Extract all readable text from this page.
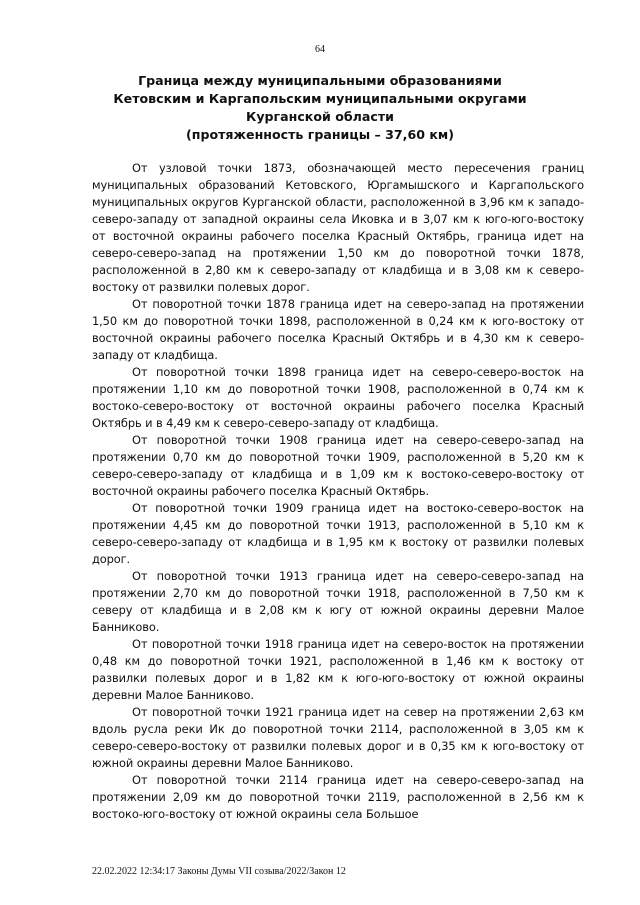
64
Граница между муниципальными образованиями
Кетовским и Каргапольским муниципальными округами
Курганской области
(протяженность границы – 37,60 км)

От узловой точки 1873, обозначающей место пересечения границ муниципальных образований Кетовского, Юргамышского и Каргапольского муниципальных округов Курганской области, расположенной в 3,96 км к западо-северо-западу от западной окраины села Иковка и в 3,07 км к юго-юго-востоку от восточной окраины рабочего поселка Красный Октябрь, граница идет на северо-северо-запад на протяжении 1,50 км до поворотной точки 1878, расположенной в 2,80 км к северо-западу от кладбища и в 3,08 км к северо-востоку от развилки полевых дорог.

От поворотной точки 1878 граница идет на северо-запад на протяжении 1,50 км до поворотной точки 1898, расположенной в 0,24 км к юго-востоку от восточной окраины рабочего поселка Красный Октябрь и в 4,30 км к северо-западу от кладбища.

От поворотной точки 1898 граница идет на северо-северо-восток на протяжении 1,10 км до поворотной точки 1908, расположенной в 0,74 км к востоко-северо-востоку от восточной окраины рабочего поселка Красный Октябрь и в 4,49 км к северо-северо-западу от кладбища.

От поворотной точки 1908 граница идет на северо-северо-запад на протяжении 0,70 км до поворотной точки 1909, расположенной в 5,20 км к северо-северо-западу от кладбища и в 1,09 км к востоко-северо-востоку от восточной окраины рабочего поселка Красный Октябрь.

От поворотной точки 1909 граница идет на востоко-северо-восток на протяжении 4,45 км до поворотной точки 1913, расположенной в 5,10 км к северо-северо-западу от кладбища и в 1,95 км к востоку от развилки полевых дорог.

От поворотной точки 1913 граница идет на северо-северо-запад на протяжении 2,70 км до поворотной точки 1918, расположенной в 7,50 км к северу от кладбища и в 2,08 км к югу от южной окраины деревни Малое Банниково.

От поворотной точки 1918 граница идет на северо-восток на протяжении 0,48 км до поворотной точки 1921, расположенной в 1,46 км к востоку от развилки полевых дорог и в 1,82 км к юго-юго-востоку от южной окраины деревни Малое Банниково.

От поворотной точки 1921 граница идет на север на протяжении 2,63 км вдоль русла реки Ик до поворотной точки 2114, расположенной в 3,05 км к северо-северо-востоку от развилки полевых дорог и в 0,35 км к юго-востоку от южной окраины деревни Малое Банниково.

От поворотной точки 2114 граница идет на северо-северо-запад на протяжении 2,09 км до поворотной точки 2119, расположенной в 2,56 км к востоко-юго-востоку от южной окраины села Большое

22.02.2022 12:34:17 Законы Думы VII созыва/2022/Закон 12
